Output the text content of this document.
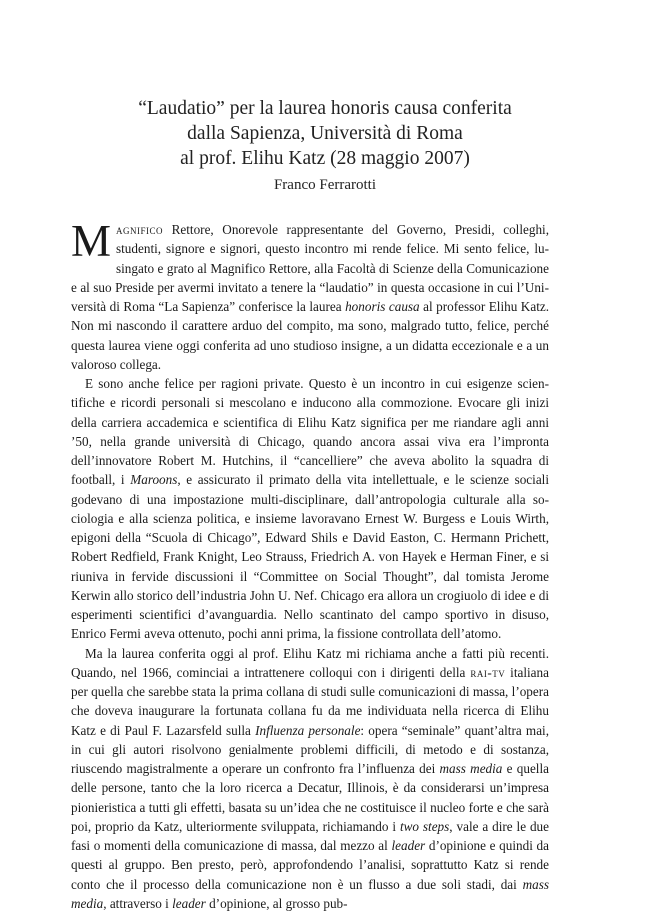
“Laudatio” per la laurea honoris causa conferita
dalla Sapienza, Università di Roma
al prof. Elihu Katz (28 maggio 2007)
Franco Ferrarotti

Magnifico Rettore, Onorevole rappresentante del Governo, Presidi, colleghi, studenti, signore e signori, questo incontro mi rende felice. Mi sento felice, lusingato e grato al Magnifico Rettore, alla Facoltà di Scienze della Comunicazione e al suo Preside per avermi invitato a tenere la “laudatio” in questa occasione in cui l’Università di Roma “La Sapienza” conferisce la laurea honoris causa al professor Elihu Katz. Non mi nascondo il carattere arduo del compito, ma sono, malgrado tutto, felice, perché questa laurea viene oggi conferita ad uno studioso insigne, a un didatta eccezionale e a un valoroso collega.

E sono anche felice per ragioni private. Questo è un incontro in cui esigenze scientifiche e ricordi personali si mescolano e inducono alla commozione. Evocare gli inizi della carriera accademica e scientifica di Elihu Katz significa per me riandare agli anni ’50, nella grande università di Chicago, quando ancora assai viva era l’impronta dell’innovatore Robert M. Hutchins, il “cancelliere” che aveva abolito la squadra di football, i Maroons, e assicurato il primato della vita intellettuale, e le scienze sociali godevano di una impostazione multi-disciplinare, dall’antropologia culturale alla sociologia e alla scienza politica, e insieme lavoravano Ernest W. Burgess e Louis Wirth, epigoni della “Scuola di Chicago”, Edward Shils e David Easton, C. Hermann Prichett, Robert Redfield, Frank Knight, Leo Strauss, Friedrich A. von Hayek e Herman Finer, e si riuniva in fervide discussioni il “Committee on Social Thought”, dal tomista Jerome Kerwin allo storico dell’industria John U. Nef. Chicago era allora un crogiuolo di idee e di esperimenti scientifici d’avanguardia. Nello scantinato del campo sportivo in disuso, Enrico Fermi aveva ottenuto, pochi anni prima, la fissione controllata dell’atomo.

Ma la laurea conferita oggi al prof. Elihu Katz mi richiama anche a fatti più recenti. Quando, nel 1966, cominciai a intrattenere colloqui con i dirigenti della rai-tv italiana per quella che sarebbe stata la prima collana di studi sulle comunicazioni di massa, l’opera che doveva inaugurare la fortunata collana fu da me individuata nella ricerca di Elihu Katz e di Paul F. Lazarsfeld sulla Influenza personale: opera “seminale” quant’altra mai, in cui gli autori risolvono genialmente problemi difficili, di metodo e di sostanza, riuscendo magistralmente a operare un confronto fra l’influenza dei mass media e quella delle persone, tanto che la loro ricerca a Decatur, Illinois, è da considerarsi un’impresa pionieristica a tutti gli effetti, basata su un’idea che ne costituisce il nucleo forte e che sarà poi, proprio da Katz, ulteriormente sviluppata, richiamando i two steps, vale a dire le due fasi o momenti della comunicazione di massa, dal mezzo al leader d’opinione e quindi da questi al gruppo. Ben presto, però, approfondendo l’analisi, soprattutto Katz si rende conto che il processo della comunicazione non è un flusso a due soli stadi, dai mass media, attraverso i leader d’opinione, al grosso pub-
